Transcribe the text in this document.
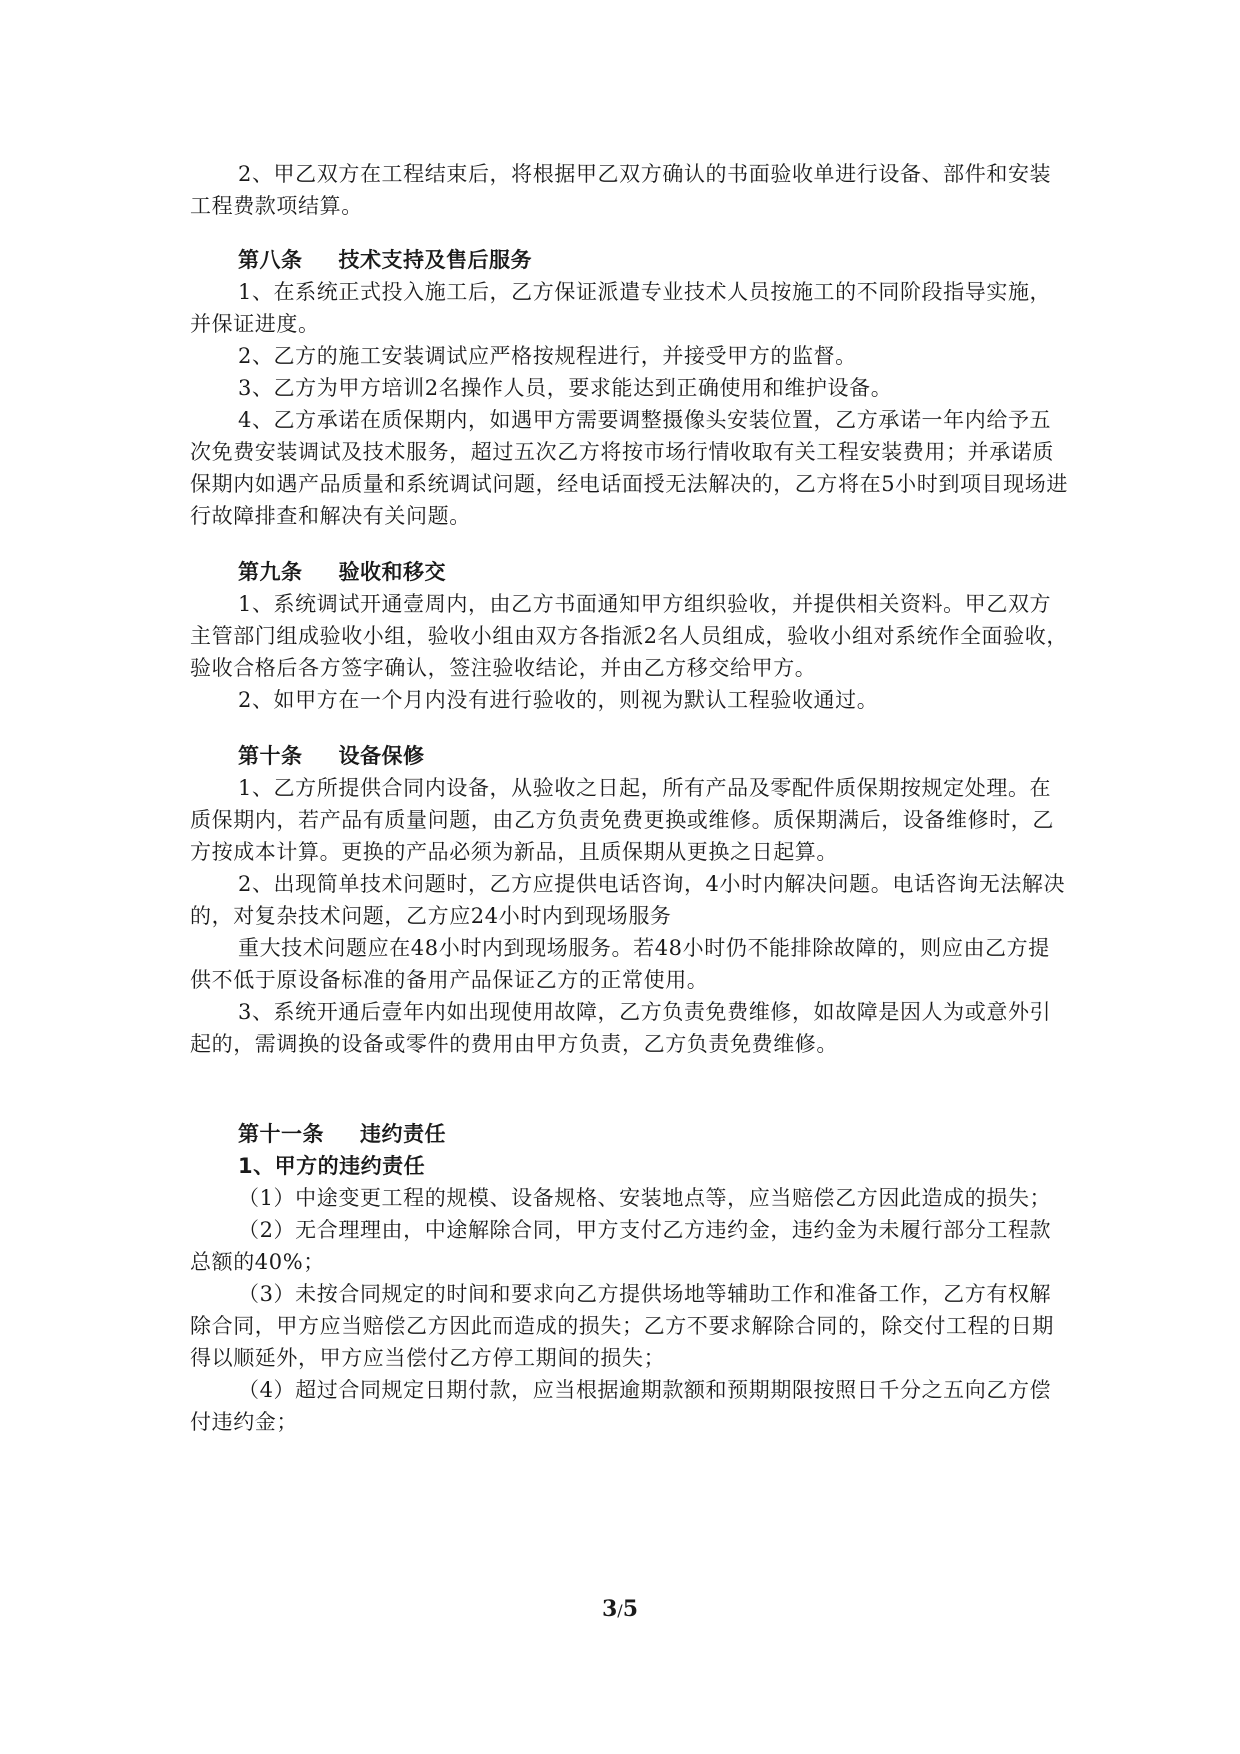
2、甲乙双方在工程结束后，将根据甲乙双方确认的书面验收单进行设备、部件和安装工程费款项结算。

第八条 技术支持及售后服务

1、在系统正式投入施工后，乙方保证派遣专业技术人员按施工的不同阶段指导实施，并保证进度。

2、乙方的施工安装调试应严格按规程进行，并接受甲方的监督。

3、乙方为甲方培训2名操作人员，要求能达到正确使用和维护设备。

4、乙方承诺在质保期内，如遇甲方需要调整摄像头安装位置，乙方承诺一年内给予五次免费安装调试及技术服务，超过五次乙方将按市场行情收取有关工程安装费用；并承诺质保期内如遇产品质量和系统调试问题，经电话面授无法解决的，乙方将在5小时到项目现场进行故障排查和解决有关问题。

第九条 验收和移交

1、系统调试开通壹周内，由乙方书面通知甲方组织验收，并提供相关资料。甲乙双方主管部门组成验收小组，验收小组由双方各指派2名人员组成，验收小组对系统作全面验收，验收合格后各方签字确认，签注验收结论，并由乙方移交给甲方。

2、如甲方在一个月内没有进行验收的，则视为默认工程验收通过。

第十条 设备保修

1、乙方所提供合同内设备，从验收之日起，所有产品及零配件质保期按规定处理。在质保期内，若产品有质量问题，由乙方负责免费更换或维修。质保期满后，设备维修时，乙方按成本计算。更换的产品必须为新品，且质保期从更换之日起算。

2、出现简单技术问题时，乙方应提供电话咨询，4小时内解决问题。电话咨询无法解决的，对复杂技术问题，乙方应24小时内到现场服务

重大技术问题应在48小时内到现场服务。若48小时仍不能排除故障的，则应由乙方提供不低于原设备标准的备用产品保证乙方的正常使用。

3、系统开通后壹年内如出现使用故障，乙方负责免费维修，如故障是因人为或意外引起的，需调换的设备或零件的费用由甲方负责，乙方负责免费维修。

第十一条 违约责任

1、甲方的违约责任

（1）中途变更工程的规模、设备规格、安装地点等，应当赔偿乙方因此造成的损失；

（2）无合理理由，中途解除合同，甲方支付乙方违约金，违约金为未履行部分工程款总额的40%；

（3）未按合同规定的时间和要求向乙方提供场地等辅助工作和准备工作，乙方有权解除合同，甲方应当赔偿乙方因此而造成的损失；乙方不要求解除合同的，除交付工程的日期得以顺延外，甲方应当偿付乙方停工期间的损失；

（4）超过合同规定日期付款，应当根据逾期款额和预期期限按照日千分之五向乙方偿付违约金；

3/5
